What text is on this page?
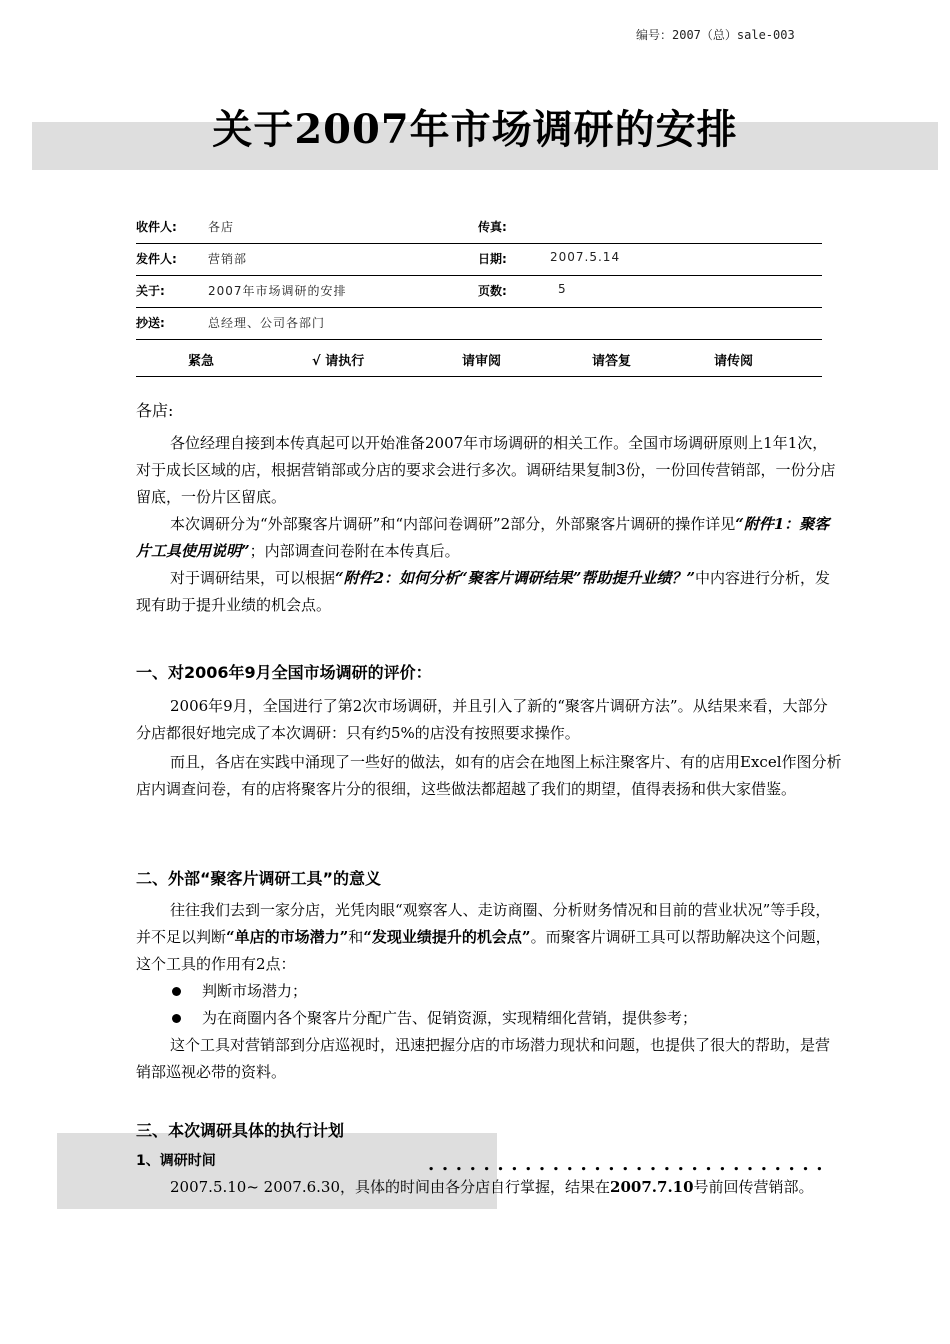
编号：2007（总）sale-003
关于2007年市场调研的安排
收件人:	各店	传真:
发件人:	营销部	日期:	2007.5.14
关于:	2007年市场调研的安排	页数:	5
抄送:	总经理、公司各部门
紧急	√ 请执行	请审阅	请答复	请传阅
各店:

各位经理自接到本传真起可以开始准备2007年市场调研的相关工作。全国市场调研原则上1年1次，对于成长区域的店，根据营销部或分店的要求会进行多次。调研结果复制3份，一份回传营销部，一份分店留底，一份片区留底。

本次调研分为“外部聚客片调研”和“内部问卷调研”2部分，外部聚客片调研的操作详见“附件1：聚客片工具使用说明”；内部调查问卷附在本传真后。

对于调研结果，可以根据“附件2：如何分析“聚客片调研结果”帮助提升业绩？”中内容进行分析，发现有助于提升业绩的机会点。

一、对2006年9月全国市场调研的评价：

2006年9月，全国进行了第2次市场调研，并且引入了新的“聚客片调研方法”。从结果来看，大部分分店都很好地完成了本次调研：只有约5%的店没有按照要求操作。

而且，各店在实践中涌现了一些好的做法，如有的店会在地图上标注聚客片、有的店用Excel作图分析店内调查问卷，有的店将聚客片分的很细，这些做法都超越了我们的期望，值得表扬和供大家借鉴。

二、外部“聚客片调研工具”的意义

往往我们去到一家分店，光凭肉眼“观察客人、走访商圈、分析财务情况和目前的营业状况”等手段，并不足以判断“单店的市场潜力”和“发现业绩提升的机会点”。而聚客片调研工具可以帮助解决这个问题，这个工具的作用有2点：

判断市场潜力；

为在商圈内各个聚客片分配广告、促销资源，实现精细化营销，提供参考；

这个工具对营销部到分店巡视时，迅速把握分店的市场潜力现状和问题，也提供了很大的帮助，是营销部巡视必带的资料。

三、本次调研具体的执行计划
1、调研时间	.............................

2007.5.10~ 2007.6.30，具体的时间由各分店自行掌握，结果在2007.7.10号前回传营销部。
